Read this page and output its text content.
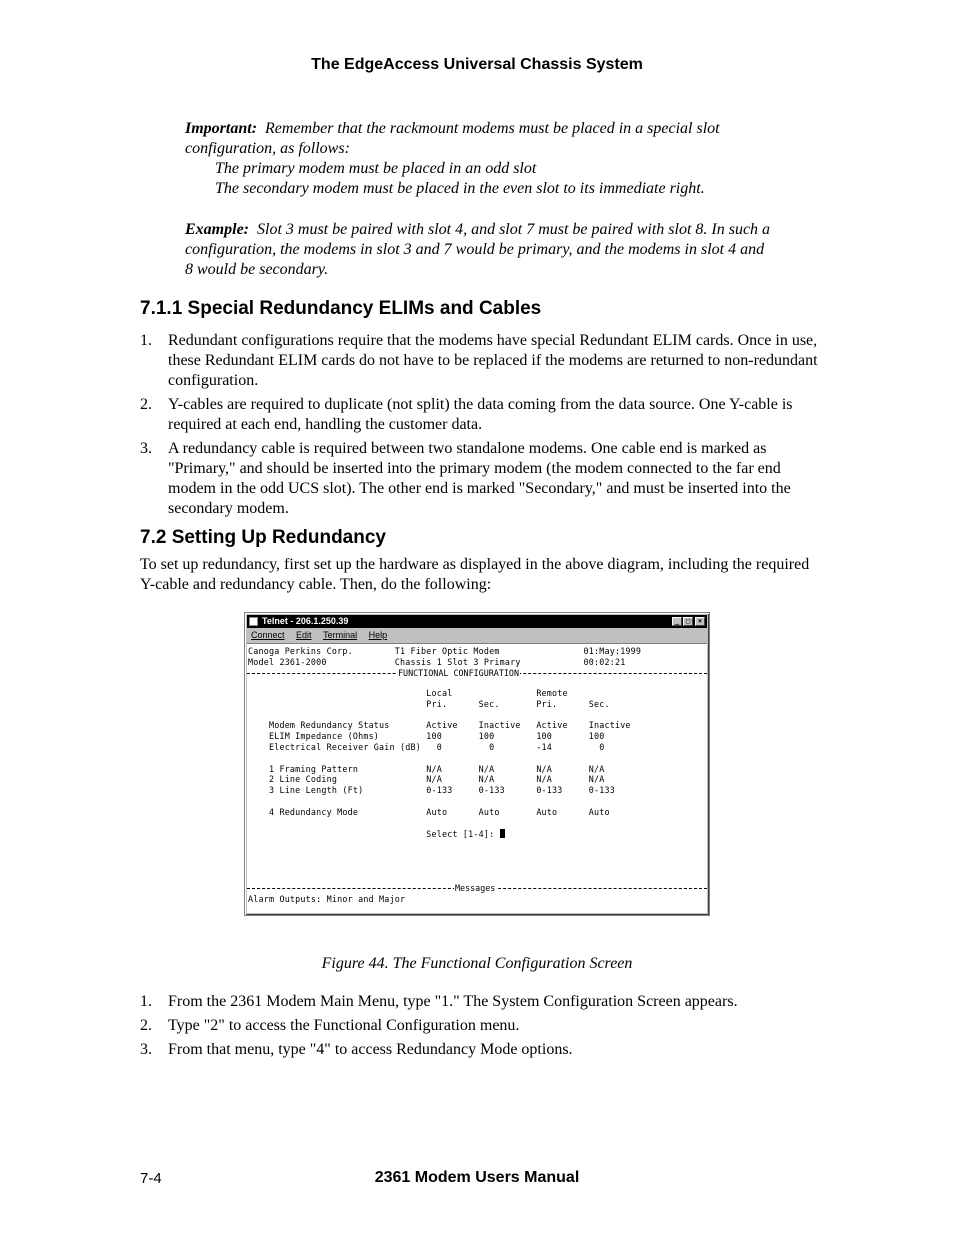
The EdgeAccess Universal Chassis System
Important: Remember that the rackmount modems must be placed in a special slot configuration, as follows:
The primary modem must be placed in an odd slot
The secondary modem must be placed in the even slot to its immediate right.
Example: Slot 3 must be paired with slot 4, and slot 7 must be paired with slot 8. In such a configuration, the modems in slot 3 and 7 would be primary, and the modems in slot 4 and 8 would be secondary.
7.1.1 Special Redundancy ELIMs and Cables
1. Redundant configurations require that the modems have special Redundant ELIM cards. Once in use, these Redundant ELIM cards do not have to be replaced if the modems are returned to non-redundant configuration.
2. Y-cables are required to duplicate (not split) the data coming from the data source. One Y-cable is required at each end, handling the customer data.
3. A redundancy cable is required between two standalone modems. One cable end is marked as "Primary," and should be inserted into the primary modem (the modem connected to the far end modem in the odd UCS slot). The other end is marked "Secondary," and must be inserted into the secondary modem.
7.2 Setting Up Redundancy
To set up redundancy, first set up the hardware as displayed in the above diagram, including the required Y-cable and redundancy cable. Then, do the following:
Telnet - 206.1.250.39	_ □	×
Connect Edit Terminal Help
Canoga Perkins Corp.        T1 Fiber Optic Modem                01:May:1999
Model 2361-2000             Chassis 1 Slot 3 Primary            00:02:21
FUNCTIONAL CONFIGURATION
Local                Remote
Pri.      Sec.       Pri.      Sec.

Modem Redundancy Status       Active    Inactive   Active    Inactive
ELIM Impedance (Ohms)         100       100        100       100
Electrical Receiver Gain (dB)   0         0        -14         0

1 Framing Pattern             N/A       N/A        N/A       N/A
2 Line Coding                 N/A       N/A        N/A       N/A
3 Line Length (Ft)            0-133     0-133      0-133     0-133

4 Redundancy Mode             Auto      Auto       Auto      Auto

Select [1-4]:
Messages
Alarm Outputs: Minor and Major
Figure 44. The Functional Configuration Screen
1. From the 2361 Modem Main Menu, type "1." The System Configuration Screen appears.
2. Type "2" to access the Functional Configuration menu.
3. From that menu, type "4" to access Redundancy Mode options.
7-4	2361 Modem Users Manual
